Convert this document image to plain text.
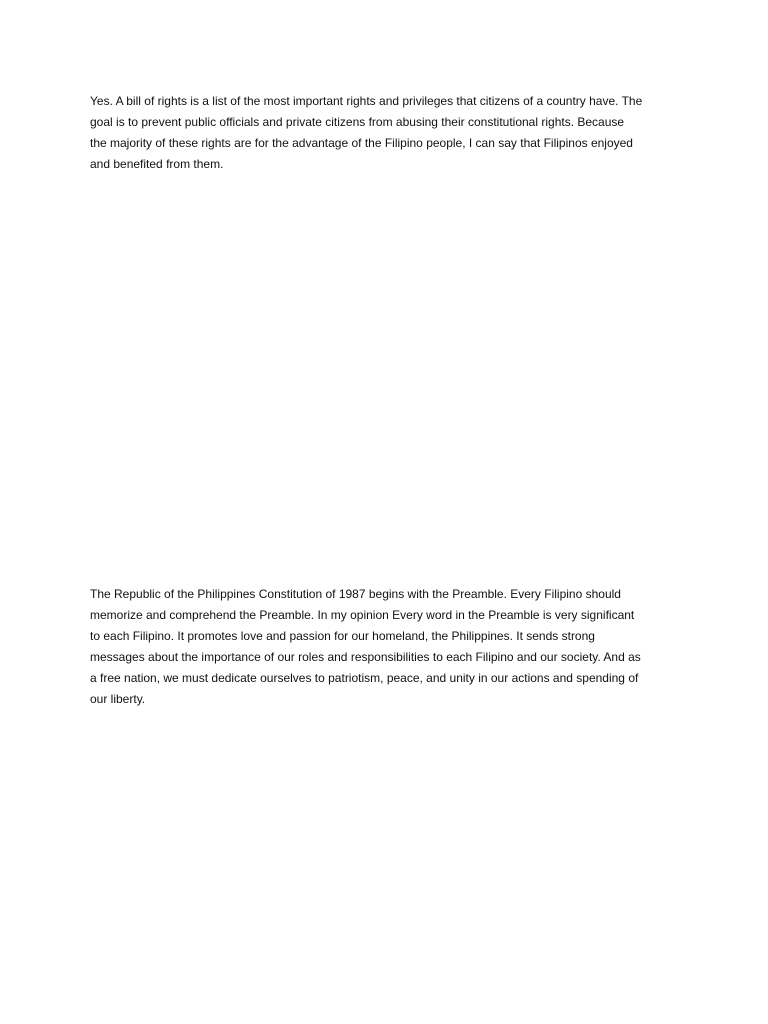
Yes. A bill of rights is a list of the most important rights and privileges that citizens of a country have. The
goal is to prevent public officials and private citizens from abusing their constitutional rights. Because
the majority of these rights are for the advantage of the Filipino people, I can say that Filipinos enjoyed
and benefited from them.

The Republic of the Philippines Constitution of 1987 begins with the Preamble. Every Filipino should
memorize and comprehend the Preamble. In my opinion Every word in the Preamble is very significant
to each Filipino. It promotes love and passion for our homeland, the Philippines. It sends strong
messages about the importance of our roles and responsibilities to each Filipino and our society. And as
a free nation, we must dedicate ourselves to patriotism, peace, and unity in our actions and spending of
our liberty.
